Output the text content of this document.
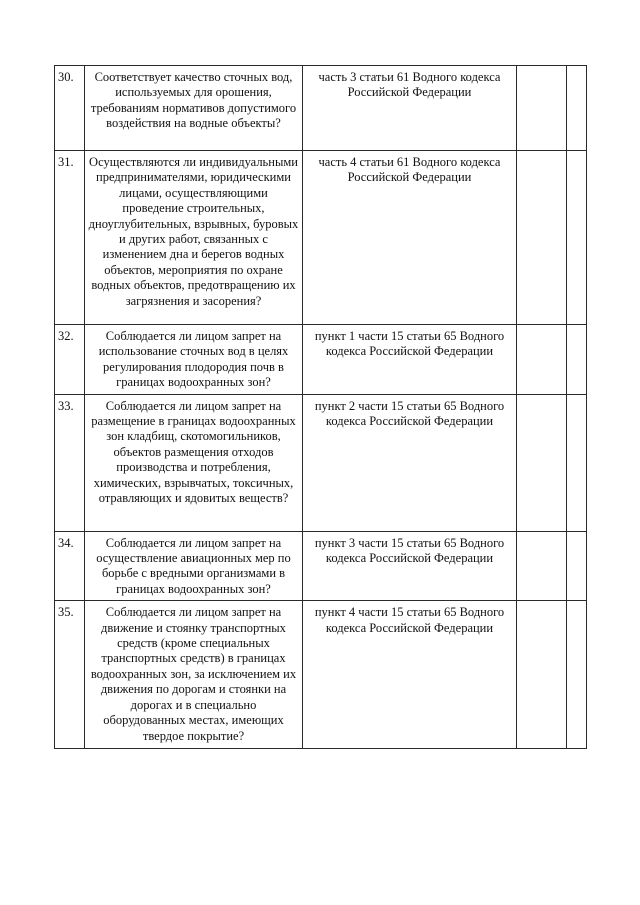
30.	Соответствует качество сточных вод, используемых для орошения, требованиям нормативов допустимого воздействия на водные объекты?	часть 3 статьи 61 Водного кодекса Российской Федерации		
31.	Осуществляются ли индивидуальными предпринимателями, юридическими лицами, осуществляющими проведение строительных, дноуглубительных, взрывных, буровых и других работ, связанных с изменением дна и берегов водных объектов, мероприятия по охране водных объектов, предотвращению их загрязнения и засорения?	часть 4 статьи 61 Водного кодекса Российской Федерации		
32.	Соблюдается ли лицом запрет на использование сточных вод в целях регулирования плодородия почв в границах водоохранных зон?	пункт 1 части 15 статьи 65 Водного кодекса Российской Федерации		
33.	Соблюдается ли лицом запрет на размещение в границах водоохранных зон кладбищ, скотомогильников, объектов размещения отходов производства и потребления, химических, взрывчатых, токсичных, отравляющих и ядовитых веществ?	пункт 2 части 15 статьи 65 Водного кодекса Российской Федерации		
34.	Соблюдается ли лицом запрет на осуществление авиационных мер по борьбе с вредными организмами в границах водоохранных зон?	пункт 3 части 15 статьи 65 Водного кодекса Российской Федерации		
35.	Соблюдается ли лицом запрет на движение и стоянку транспортных средств (кроме специальных транспортных средств) в границах водоохранных зон, за исключением их движения по дорогам и стоянки на дорогах и в специально оборудованных местах, имеющих твердое покрытие?	пункт 4 части 15 статьи 65 Водного кодекса Российской Федерации		
